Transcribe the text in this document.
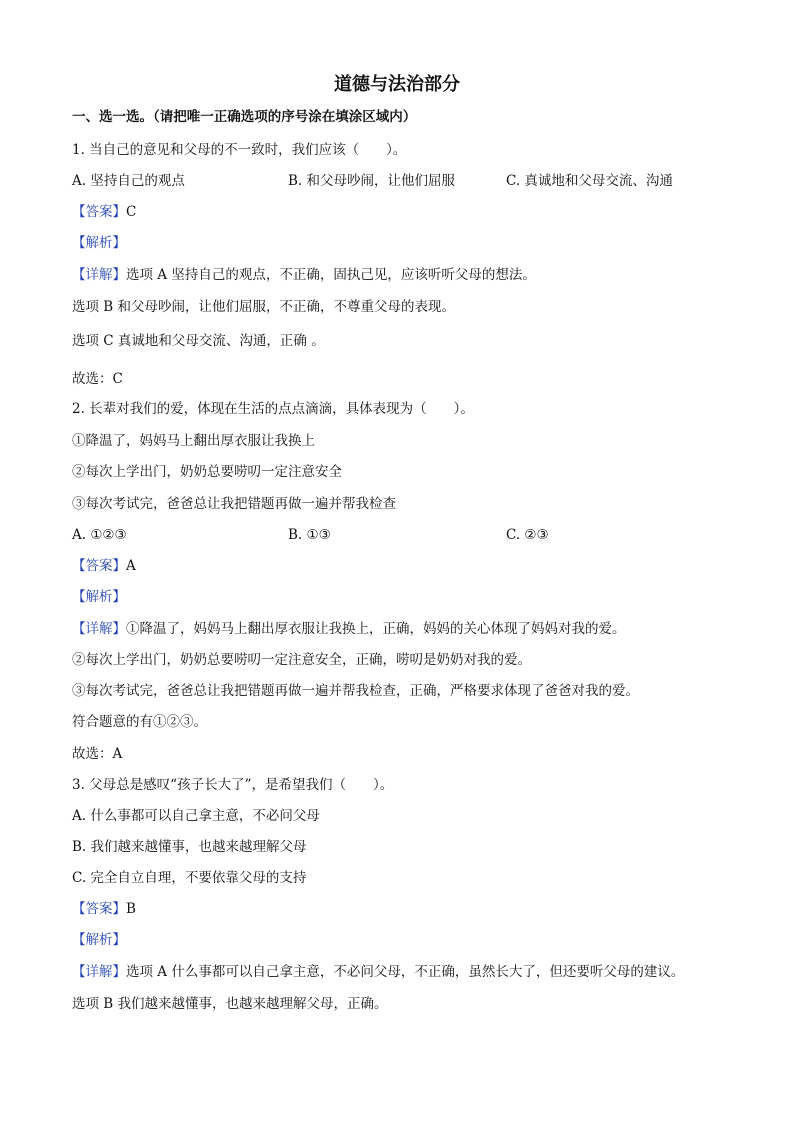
道德与法治部分
一、选一选。（请把唯一正确选项的序号涂在填涂区域内）
1. 当自己的意见和父母的不一致时，我们应该（　　）。
A. 坚持自己的观点	B. 和父母吵闹，让他们屈服	C. 真诚地和父母交流、沟通
【答案】C
【解析】
【详解】选项 A 坚持自己的观点，不正确，固执己见，应该听听父母的想法。
选项 B 和父母吵闹，让他们屈服，不正确，不尊重父母的表现。
选项 C 真诚地和父母交流、沟通，正确 。
故选：C
2. 长辈对我们的爱，体现在生活的点点滴滴，具体表现为（　　）。
①降温了，妈妈马上翻出厚衣服让我换上
②每次上学出门，奶奶总要唠叨一定注意安全
③每次考试完，爸爸总让我把错题再做一遍并帮我检查
A. ①②③	B. ①③	C. ②③
【答案】A
【解析】
【详解】①降温了，妈妈马上翻出厚衣服让我换上，正确，妈妈的关心体现了妈妈对我的爱。
②每次上学出门，奶奶总要唠叨一定注意安全，正确，唠叨是奶奶对我的爱。
③每次考试完，爸爸总让我把错题再做一遍并帮我检查，正确，严格要求体现了爸爸对我的爱。
符合题意的有①②③。
故选：A
3. 父母总是感叹“孩子长大了”，是希望我们（　　）。
A. 什么事都可以自己拿主意，不必问父母
B. 我们越来越懂事，也越来越理解父母
C. 完全自立自理，不要依靠父母的支持
【答案】B
【解析】
【详解】选项 A 什么事都可以自己拿主意，不必问父母，不正确，虽然长大了，但还要听父母的建议。
选项 B 我们越来越懂事，也越来越理解父母，正确。
